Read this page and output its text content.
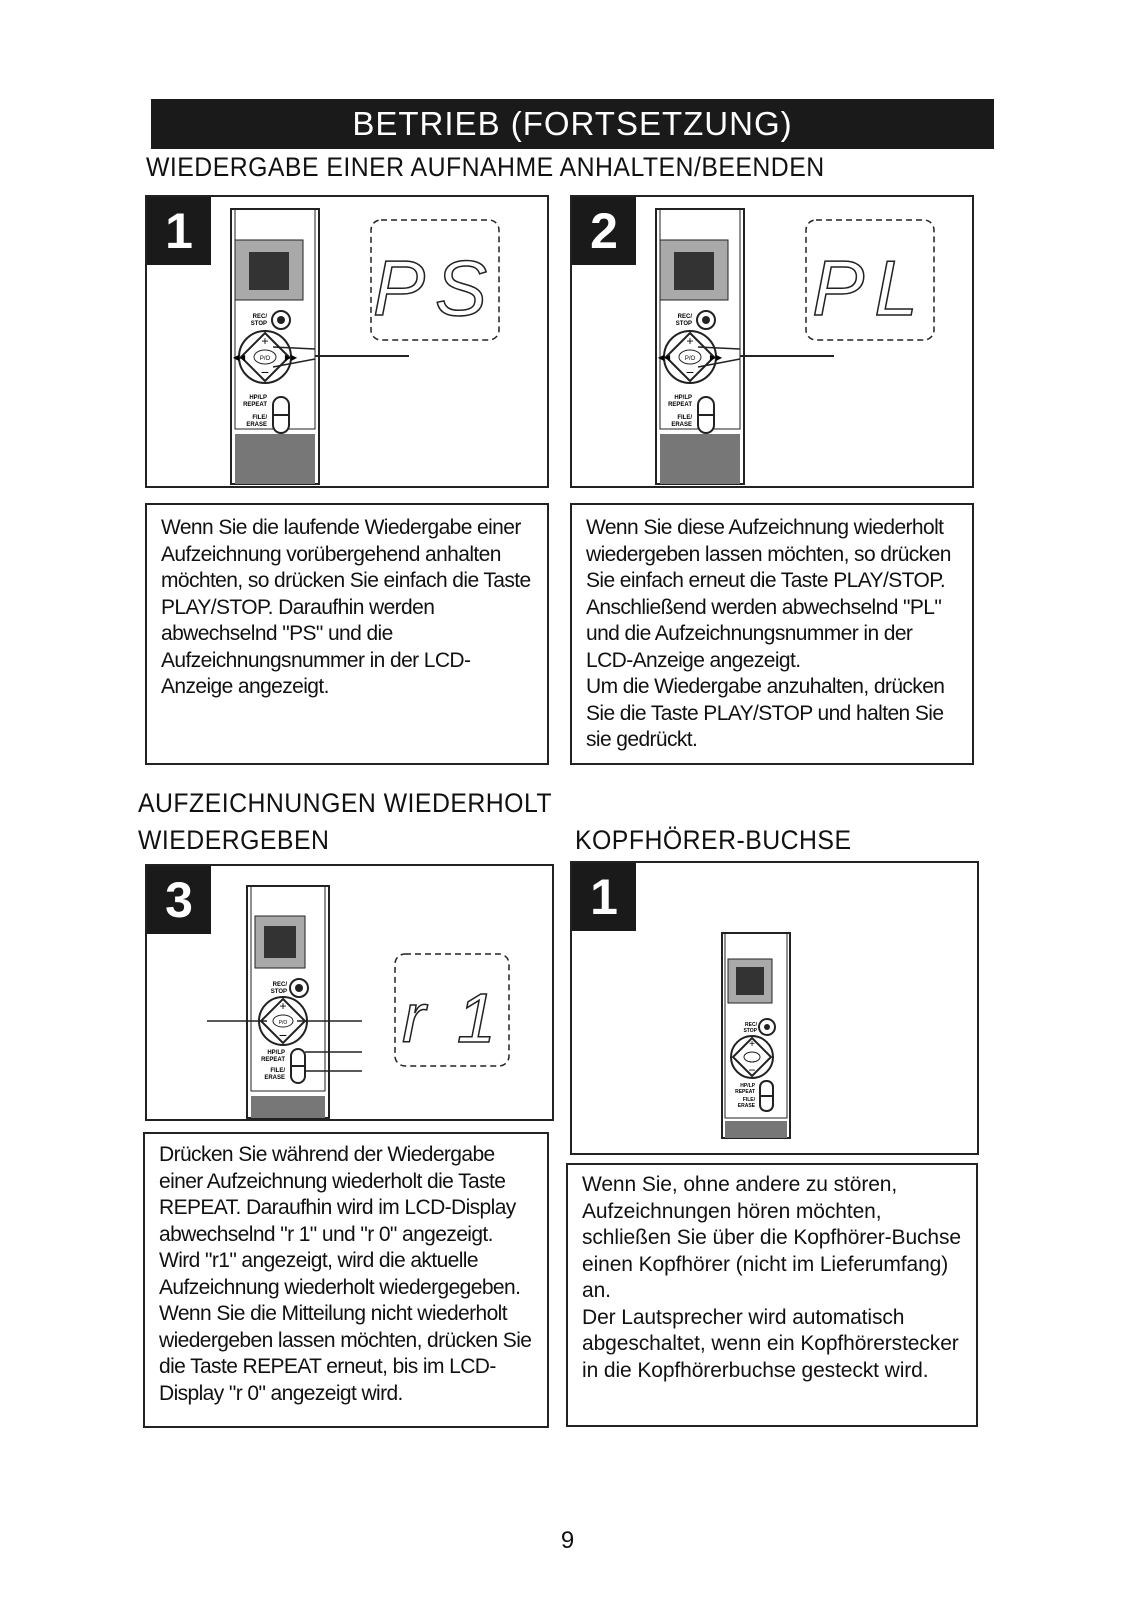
BETRIEB (FORTSETZUNG)
WIEDERGABE EINER AUFNAHME ANHALTEN/BEENDEN
1
REC/
STOP
+
−
P/O
◀◀	▶▶
HP/LP
REPEAT
FILE/
ERASE
PS
2
REC/
STOP
+
−
P/O
◀◀	▶▶
HP/LP
REPEAT
FILE/
ERASE
PL

Wenn Sie die laufende Wiedergabe einer Aufzeichnung vorübergehend anhalten möchten, so drücken Sie einfach die Taste PLAY/STOP. Daraufhin werden abwechselnd "PS" und die Aufzeichnungsnummer in der LCD-Anzeige angezeigt.

Wenn Sie diese Aufzeichnung wiederholt wiedergeben lassen möchten, so drücken Sie einfach erneut die Taste PLAY/STOP. Anschließend werden abwechselnd "PL" und die Aufzeichnungsnummer in der LCD-Anzeige angezeigt.

Um die Wiedergabe anzuhalten, drücken Sie die Taste PLAY/STOP und halten Sie sie gedrückt.

AUFZEICHNUNGEN WIEDERHOLT
WIEDERGEBEN	KOPFHÖRER-BUCHSE
3
REC/
STOP
+
−
P/O
HP/LP
REPEAT
FILE/
ERASE
r 1
1
REC/
STOP
+
−
HP/LP
REPEAT
FILE/
ERASE

Drücken Sie während der Wiedergabe einer Aufzeichnung wiederholt die Taste REPEAT. Daraufhin wird im LCD-Display abwechselnd "r 1" und "r 0" angezeigt. Wird "r1" angezeigt, wird die aktuelle Aufzeichnung wiederholt wiedergegeben. Wenn Sie die Mitteilung nicht wiederholt wiedergeben lassen möchten, drücken Sie die Taste REPEAT erneut, bis im LCD-Display "r 0" angezeigt wird.

Wenn Sie, ohne andere zu stören, Aufzeichnungen hören möchten, schließen Sie über die Kopfhörer-Buchse einen Kopfhörer (nicht im Lieferumfang) an.

Der Lautsprecher wird automatisch abgeschaltet, wenn ein Kopfhörerstecker in die Kopfhörerbuchse gesteckt wird.

9
